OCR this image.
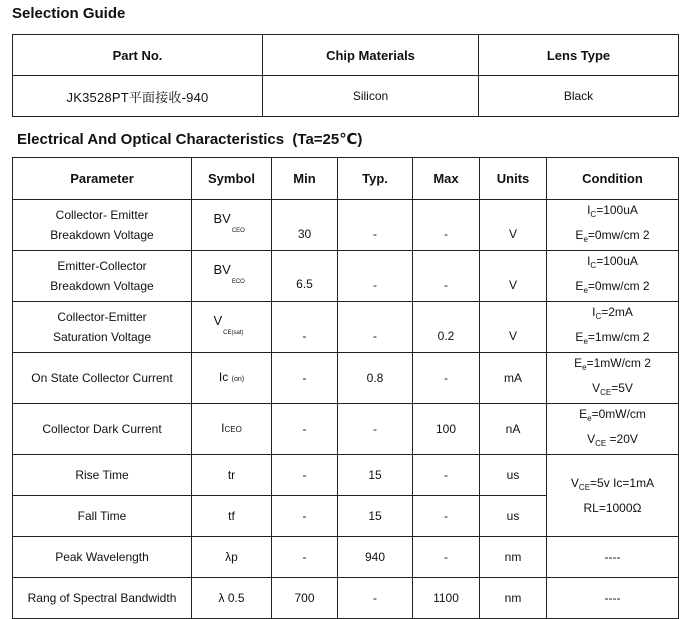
Selection Guide
Part No.	Chip Materials	Lens Type
JK3528PT平面接收-940	Silicon	Black
Electrical And Optical Characteristics (Ta=25℃)
Parameter	Symbol	Min	Typ.	Max	Units	Condition

Collector- Emitter
Breakdown Voltage	$BV_{CEO}$	30	-	-	V	$I_C=100uA$
$E_e=0mw/cm$ 2

Emitter-Collector
Breakdown Voltage	$BV_{ECO}$	6.5	-	-	V	$I_C=100uA$
$E_e=0mw/cm$ 2

Collector-Emitter
Saturation Voltage	$V_{CE(sat)}$	-	-	0.2	V	$I_C=2mA$
$E_e=1mw/cm$ 2

On State Collector Current	Ic (on)	-	0.8	-	mA	$E_e=1mW/cm$ 2
$V_{CE}=5V$

Collector Dark Current	ICEO	-	-	100	nA	$E_e=0mW/cm$
$V_{CE} =20V$

Rise Time	tr	-	15	-	us	$V_{CE}=5v$ Ic=1mA
RL=1000Ω

Fall Time	tf	-	15	-	us	
Peak Wavelength	λp	-	940	-	nm	----
Rang of Spectral Bandwidth	λ 0.5	700	-	1100	nm	----
